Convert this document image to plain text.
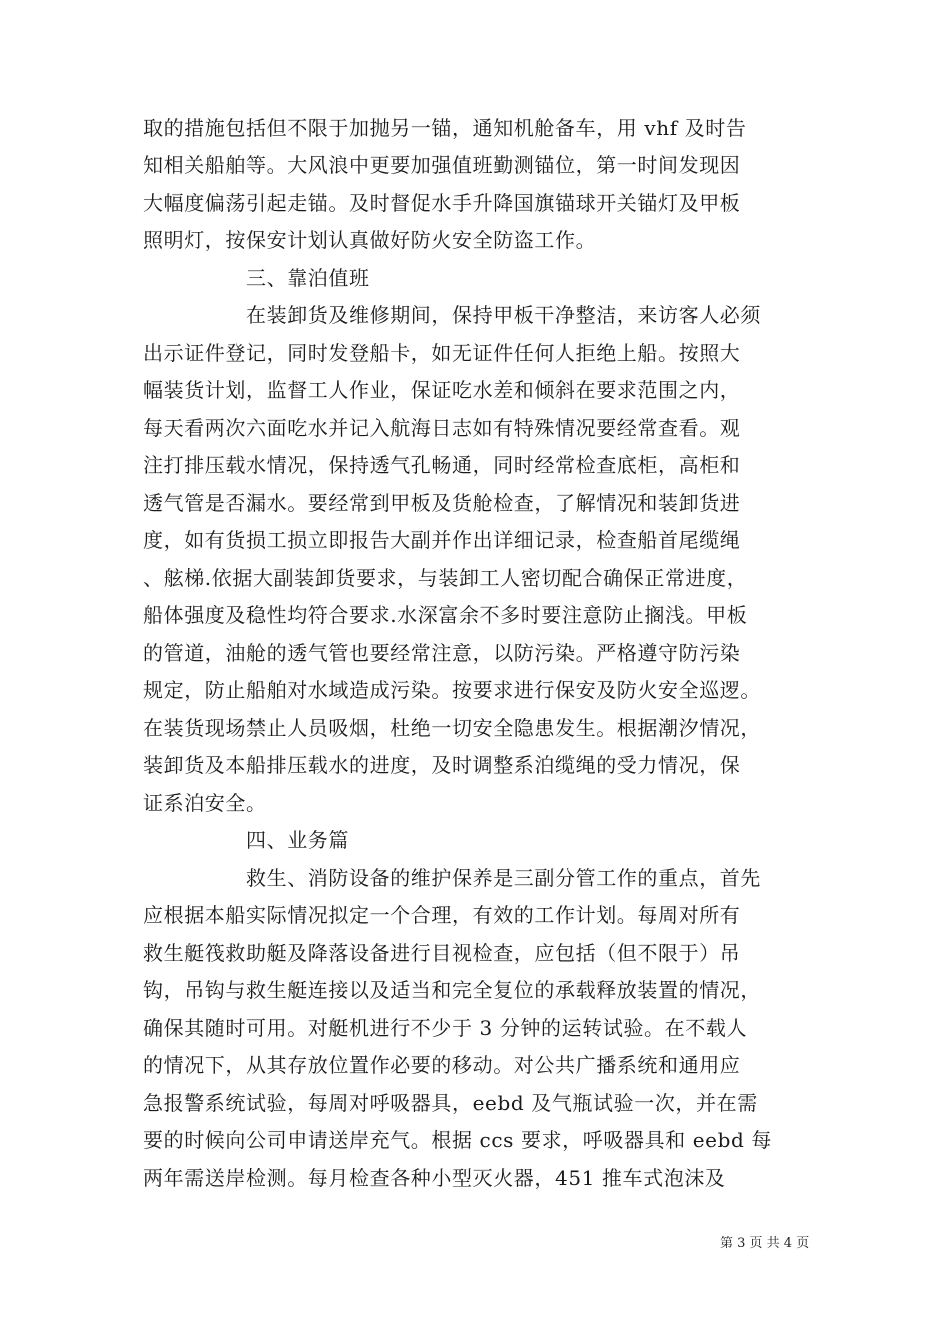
取的措施包括但不限于加抛另一锚，通知机舱备车，用 vhf 及时告
知相关船舶等。大风浪中更要加强值班勤测锚位，第一时间发现因
大幅度偏荡引起走锚。及时督促水手升降国旗锚球开关锚灯及甲板
照明灯，按保安计划认真做好防火安全防盗工作。
三、靠泊值班
在装卸货及维修期间，保持甲板干净整洁，来访客人必须
出示证件登记，同时发登船卡，如无证件任何人拒绝上船。按照大
幅装货计划，监督工人作业，保证吃水差和倾斜在要求范围之内，
每天看两次六面吃水并记入航海日志如有特殊情况要经常查看。观
注打排压载水情况，保持透气孔畅通，同时经常检查底柜，高柜和
透气管是否漏水。要经常到甲板及货舱检查，了解情况和装卸货进
度，如有货损工损立即报告大副并作出详细记录，检查船首尾缆绳
、舷梯.依据大副装卸货要求，与装卸工人密切配合确保正常进度，
船体强度及稳性均符合要求.水深富余不多时要注意防止搁浅。甲板
的管道，油舱的透气管也要经常注意，以防污染。严格遵守防污染
规定，防止船舶对水域造成污染。按要求进行保安及防火安全巡逻。
在装货现场禁止人员吸烟，杜绝一切安全隐患发生。根据潮汐情况，
装卸货及本船排压载水的进度，及时调整系泊缆绳的受力情况，保
证系泊安全。
四、业务篇
救生、消防设备的维护保养是三副分管工作的重点，首先
应根据本船实际情况拟定一个合理，有效的工作计划。每周对所有
救生艇筏救助艇及降落设备进行目视检查，应包括（但不限于）吊
钩，吊钩与救生艇连接以及适当和完全复位的承载释放装置的情况，
确保其随时可用。对艇机进行不少于 3 分钟的运转试验。在不载人
的情况下，从其存放位置作必要的移动。对公共广播系统和通用应
急报警系统试验，每周对呼吸器具，eebd 及气瓶试验一次，并在需
要的时候向公司申请送岸充气。根据 ccs 要求，呼吸器具和 eebd 每
两年需送岸检测。每月检查各种小型灭火器，451 推车式泡沫及
第 3 页 共 4 页
